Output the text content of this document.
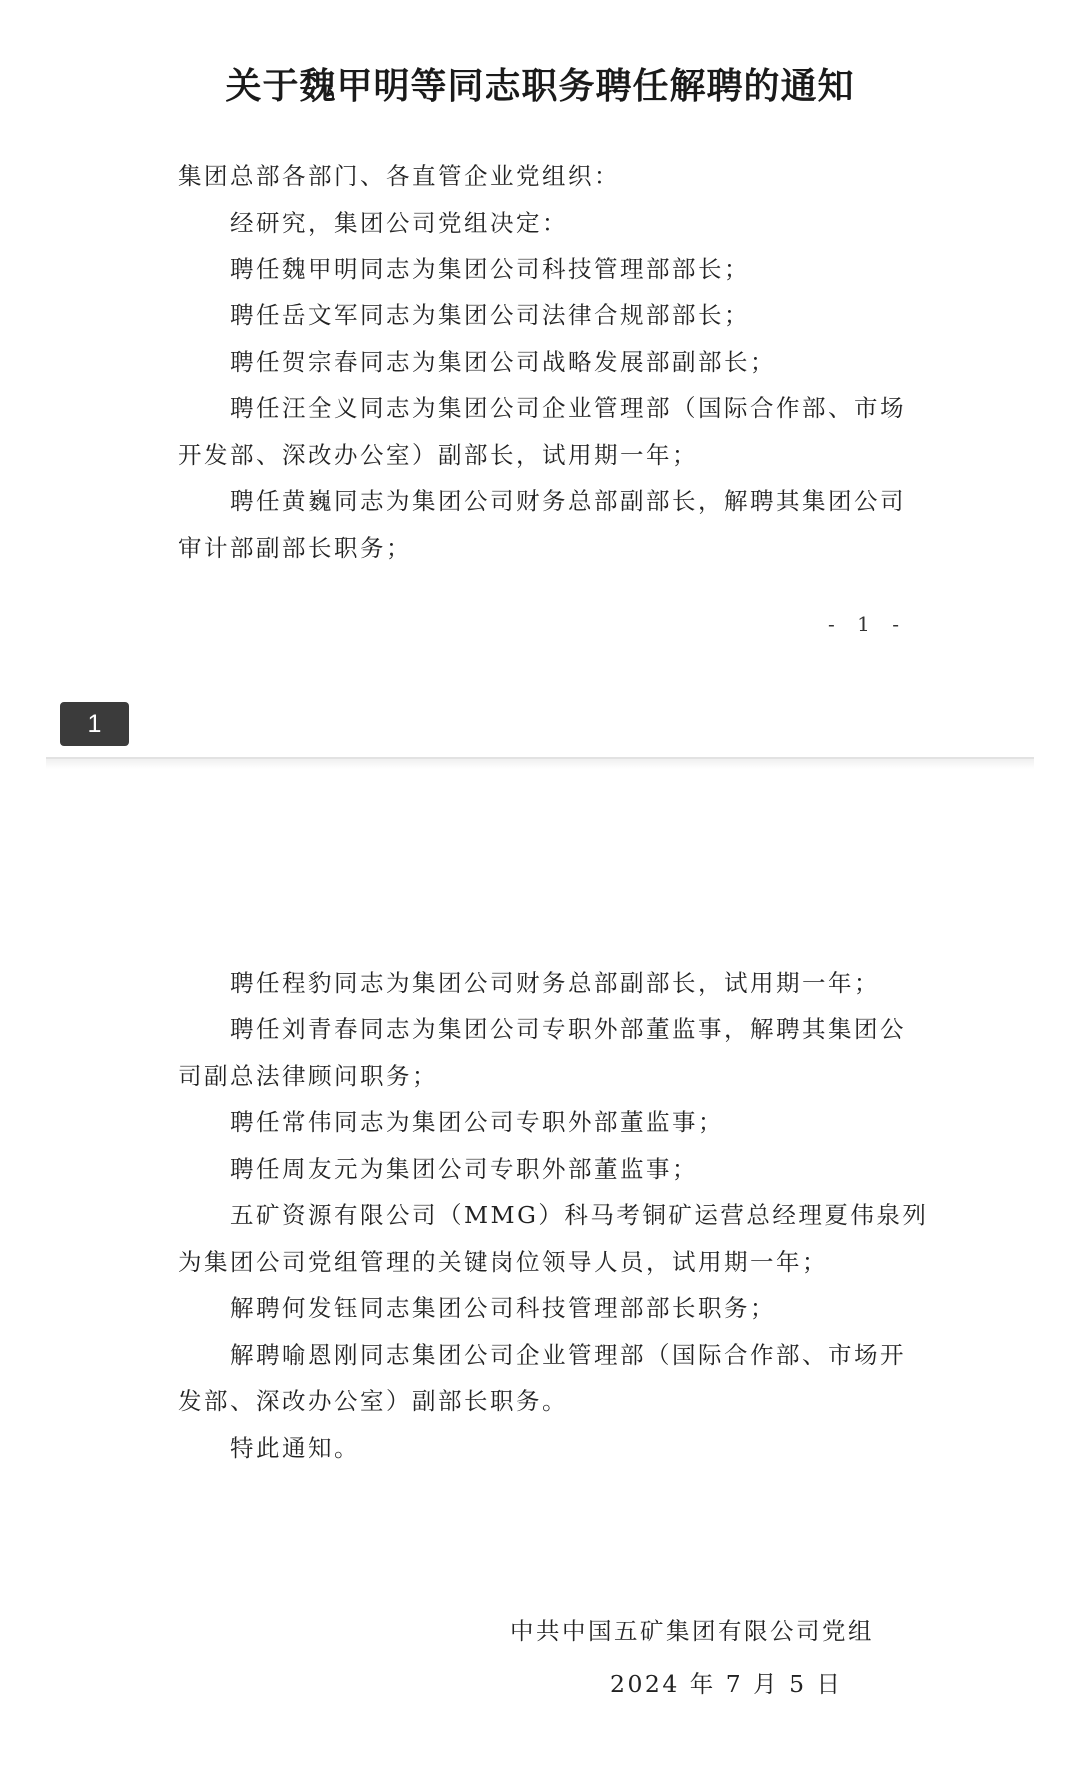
关于魏甲明等同志职务聘任解聘的通知
集团总部各部门、各直管企业党组织：
经研究，集团公司党组决定：
聘任魏甲明同志为集团公司科技管理部部长；
聘任岳文军同志为集团公司法律合规部部长；
聘任贺宗春同志为集团公司战略发展部副部长；
聘任汪全义同志为集团公司企业管理部（国际合作部、市场
开发部、深改办公室）副部长，试用期一年；
聘任黄巍同志为集团公司财务总部副部长，解聘其集团公司
审计部副部长职务；
- 1 -
1
聘任程豹同志为集团公司财务总部副部长，试用期一年；
聘任刘青春同志为集团公司专职外部董监事，解聘其集团公
司副总法律顾问职务；
聘任常伟同志为集团公司专职外部董监事；
聘任周友元为集团公司专职外部董监事；
五矿资源有限公司（MMG）科马考铜矿运营总经理夏伟泉列
为集团公司党组管理的关键岗位领导人员，试用期一年；
解聘何发钰同志集团公司科技管理部部长职务；
解聘喻恩刚同志集团公司企业管理部（国际合作部、市场开
发部、深改办公室）副部长职务。
特此通知。
中共中国五矿集团有限公司党组
2024 年 7 月 5 日
